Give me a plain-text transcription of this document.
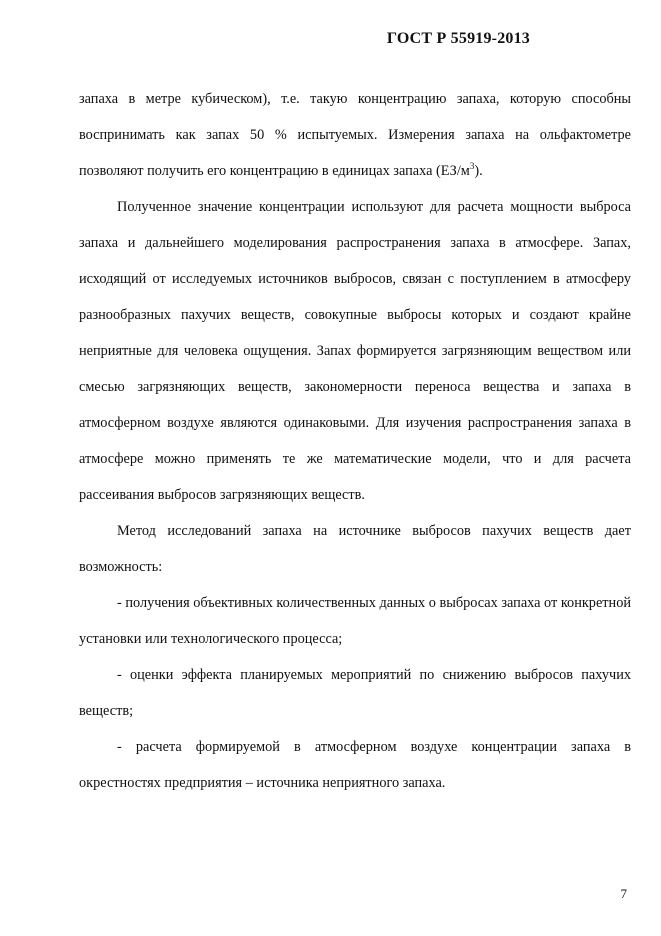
ГОСТ Р 55919-2013

запаха в метре кубическом), т.е. такую концентрацию запаха, которую способны воспринимать как запах 50 % испытуемых. Измерения запаха на ольфактометре позволяют получить его концентрацию в единицах запаха $(ЕЗ/м^3)$.

Полученное значение концентрации используют для расчета мощности выброса запаха и дальнейшего моделирования распространения запаха в атмосфере. Запах, исходящий от исследуемых источников выбросов, связан с поступлением в атмосферу разнообразных пахучих веществ, совокупные выбросы которых и создают крайне неприятные для человека ощущения. Запах формируется загрязняющим веществом или смесью загрязняющих веществ, закономерности переноса вещества и запаха в атмосферном воздухе являются одинаковыми. Для изучения распространения запаха в атмосфере можно применять те же математические модели, что и для расчета рассеивания выбросов загрязняющих веществ.

Метод исследований запаха на источнике выбросов пахучих веществ дает возможность:

- получения объективных количественных данных о выбросах запаха от конкретной установки или технологического процесса;

- оценки эффекта планируемых мероприятий по снижению выбросов пахучих веществ;

- расчета формируемой в атмосферном воздухе концентрации запаха в окрестностях предприятия – источника неприятного запаха.

7
